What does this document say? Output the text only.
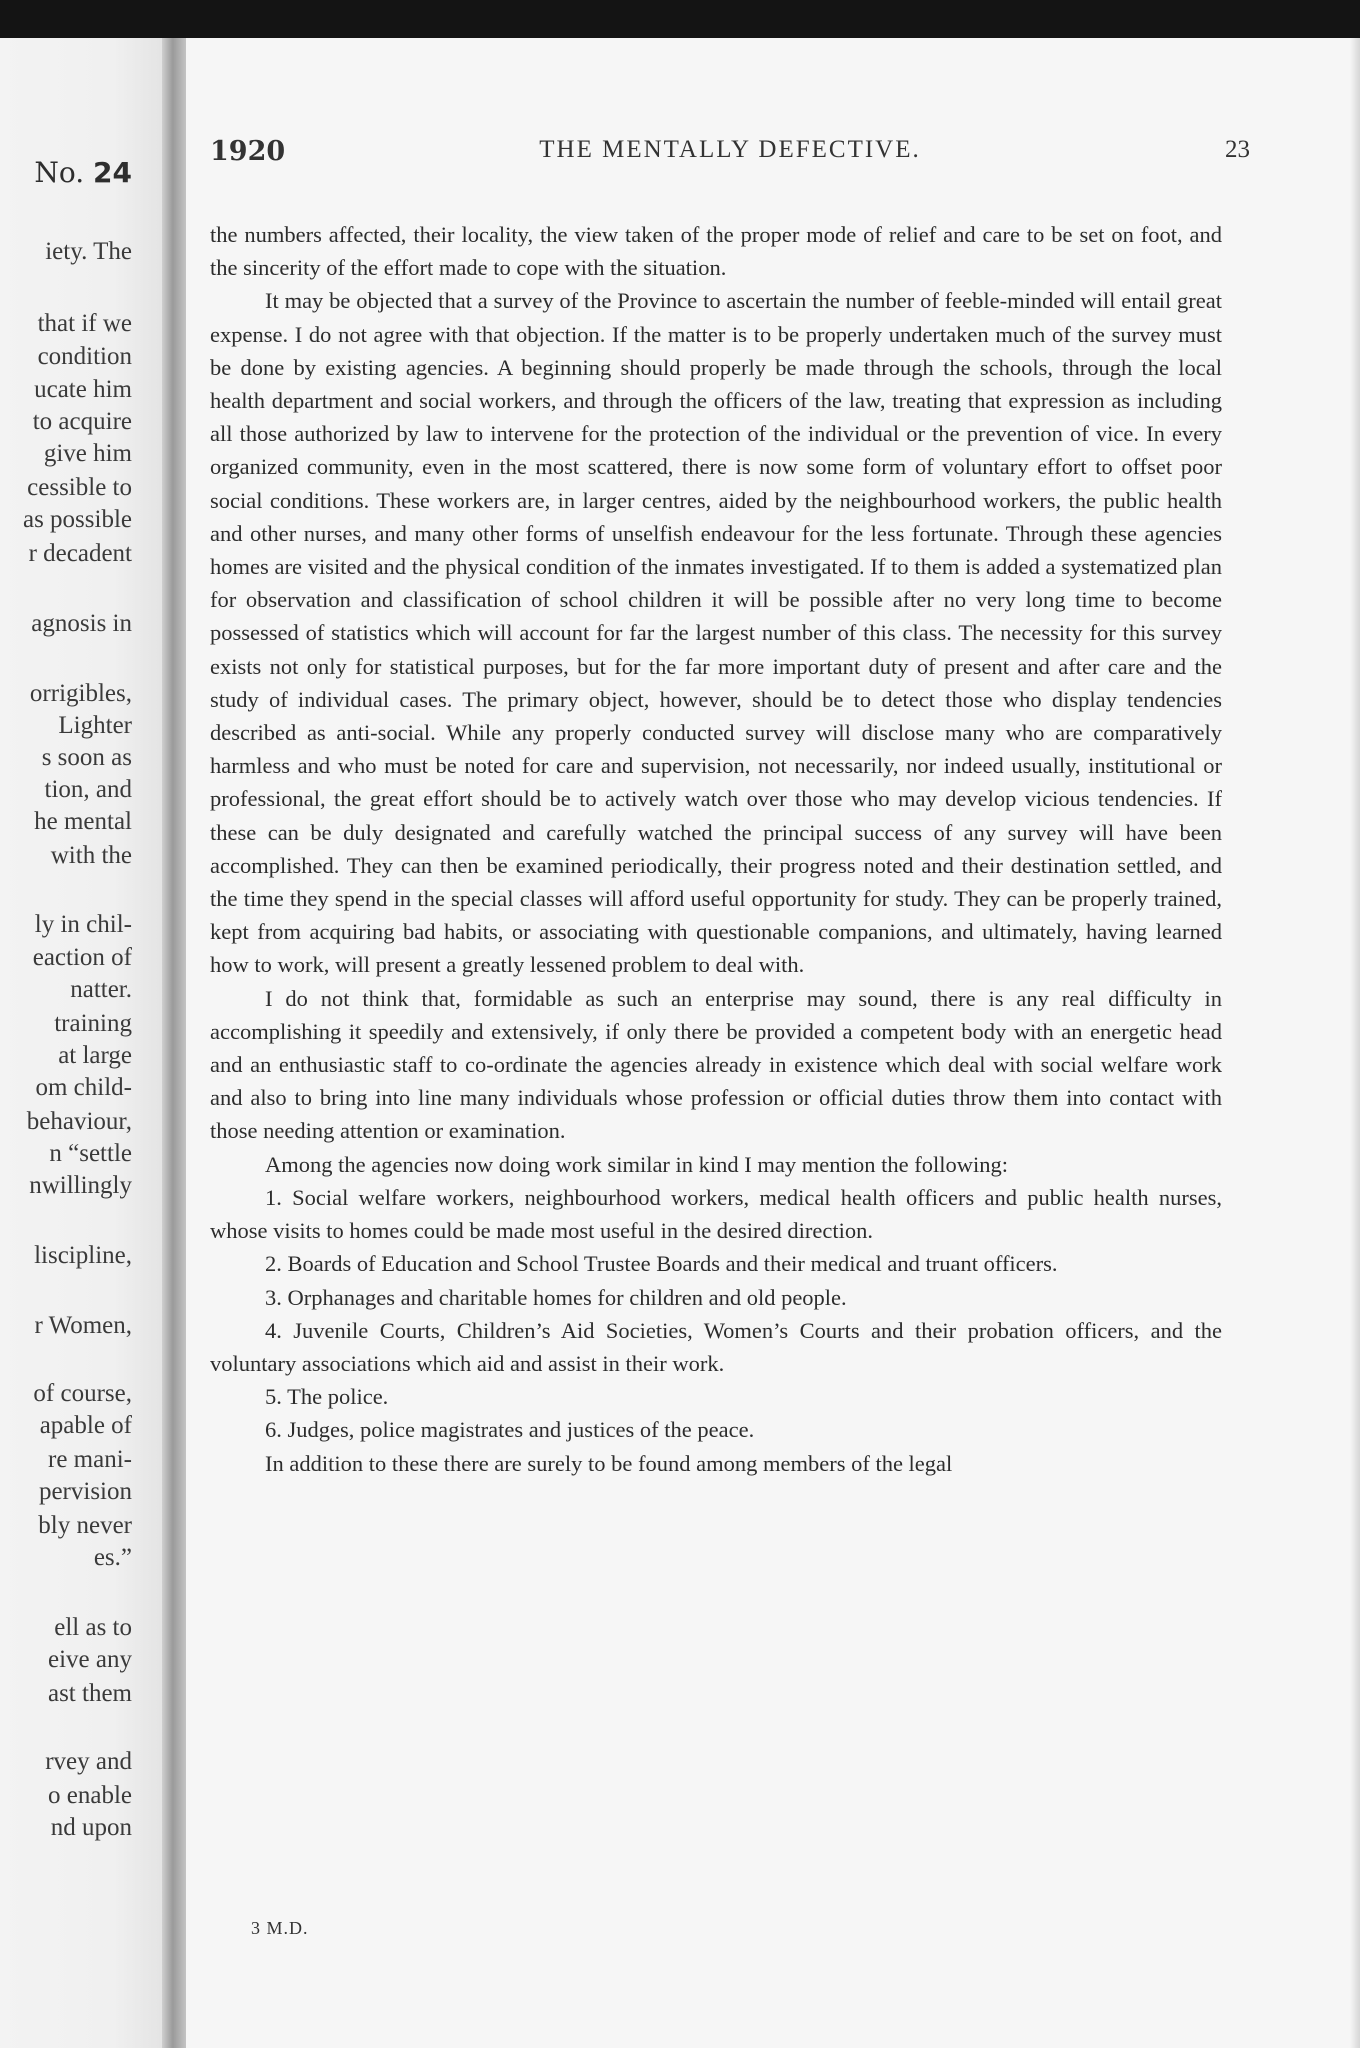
No. 24
iety. The
that if we
condition
ucate him
to acquire
give him
cessible to
as possible
r decadent
agnosis in
orrigibles,
Lighter
s soon as
tion, and
he mental
with the
ly in chil-
eaction of
natter.
training
at large
om child-
behaviour,
n “settle
nwillingly
liscipline,
r Women,
of course,
apable of
re mani-
pervision
bly never
es.”
ell as to
eive any
ast them
rvey and
o enable
nd upon
1920	THE MENTALLY DEFECTIVE.	23

the numbers affected, their locality, the view taken of the proper mode of relief and care to be set on foot, and the sincerity of the effort made to cope with the situation.

It may be objected that a survey of the Province to ascertain the number of feeble-minded will entail great expense. I do not agree with that objection. If the matter is to be properly undertaken much of the survey must be done by existing agencies. A beginning should properly be made through the schools, through the local health department and social workers, and through the officers of the law, treating that expression as including all those authorized by law to intervene for the protection of the individual or the prevention of vice. In every organized community, even in the most scattered, there is now some form of voluntary effort to offset poor social conditions. These workers are, in larger centres, aided by the neighbourhood workers, the public health and other nurses, and many other forms of unselfish endeavour for the less fortunate. Through these agencies homes are visited and the physical condition of the inmates investigated. If to them is added a systematized plan for observation and classification of school children it will be possible after no very long time to become possessed of statistics which will account for far the largest number of this class. The necessity for this survey exists not only for statistical purposes, but for the far more important duty of present and after care and the study of individual cases. The primary object, however, should be to detect those who display tendencies described as anti-social. While any properly conducted survey will disclose many who are comparatively harmless and who must be noted for care and supervision, not necessarily, nor indeed usually, institutional or professional, the great effort should be to actively watch over those who may develop vicious tendencies. If these can be duly designated and carefully watched the principal success of any survey will have been accomplished. They can then be examined periodically, their progress noted and their destination settled, and the time they spend in the special classes will afford useful opportunity for study. They can be properly trained, kept from acquiring bad habits, or associating with questionable companions, and ultimately, having learned how to work, will present a greatly lessened problem to deal with.

I do not think that, formidable as such an enterprise may sound, there is any real difficulty in accomplishing it speedily and extensively, if only there be provided a competent body with an energetic head and an enthusiastic staff to co-ordinate the agencies already in existence which deal with social welfare work and also to bring into line many individuals whose profession or official duties throw them into contact with those needing attention or examination.

Among the agencies now doing work similar in kind I may mention the following:

1. Social welfare workers, neighbourhood workers, medical health officers and public health nurses, whose visits to homes could be made most useful in the desired direction.

2. Boards of Education and School Trustee Boards and their medical and truant officers.

3. Orphanages and charitable homes for children and old people.

4. Juvenile Courts, Children’s Aid Societies, Women’s Courts and their probation officers, and the voluntary associations which aid and assist in their work.

5. The police.

6. Judges, police magistrates and justices of the peace.

In addition to these there are surely to be found among members of the legal

3 M.D.
